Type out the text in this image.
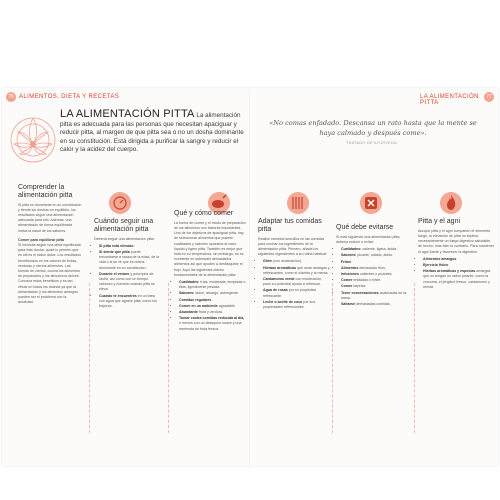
76 ALIMENTOS, DIETA Y RECETAS
LA ALIMENTACIÓN PITTA La alimentación pitta es adecuada para las personas que necesitan apaciguar y reducir pitta, al margen de que pitta sea o no un dosha dominante en su constitución. Está dirigida a purificar la sangre y reducir el calor y la acidez del cuerpo.
Comprender la alimentación pitta
Si pitta es dominante en su constitución y tiende los doshas en equilibrio, los resultados seguir una alimentación adecuada para ello. Además, una alimentación de forma equilibrada indica la salud de los sabores.
Comer para equilibrar pitta
Si necesita seguir una dieta equilibrada para este dosha, quizá lo primero que es útil es el sabor dulce. Los resultados beneficiosos en los colores de frutas, verduras y ciertos alimentos. Las formas de ciertos, cocina los alimentos de preparados y los almuerzos dulces. Conozca estos beneficios y es tan eficaz en todos los doshas ya que la alimentación y los alimentos amargos pueden ser el problema con la ansiedad.
Cuándo seguir una alimentación pitta
Debería seguir una alimentación pitta:
• Si pitta está elevado.
• Si siente que pitta puede encontrarse a causa de la edad, de la vida o si se ve que es dosha dominante en su constitución.
• Durante el verano y principios de otoño, así como con un tiempo caluroso y húmedo cuando pitta se eleva.
• Cuando te encuentres en un área con agua que agrave pitta, como los trópicos.
Qué y cómo comer
La forma de comer y el modo de preparación de los alimentos son factores importantes. Uno de los objetivos de apaciguar pitta, hay de seleccionar alimentos que poseen cualidades y sabores opuestos al calor, líquido y ligero pitta. También es mejor que está en su temperatura, sin embargo, no es excelente en sobresalir demasiados alimentos así que ayuden a desbloquear el flujo. Aquí las siguientes claves fundamentales de la alimentación pitta:
• Cualidades: frías, moderada, templada o tibia, ligeramente pesada.
• Sabores: dulce, amargo, astringente.
• Comidas regulares
• Comer en un ambiente agradable.
• Abundante fruta y verdura.
• Tomar costra comidas reducida al día, o menos con un desayuno suave y una merienda de fruta fresca.
LA ALIMENTACIÓN PITTA
77
«No comas enfadado. Descansa un rato hasta que la mente se haya calmado y después come».
TRATADO DE AYURVEDA
Adaptar tus comidas pitta
Realice cambios sencillos en las comidas para cocinar los ingredientes de la alimentación pitta. Primero, añada los siguientes ingredientes a su rutina habitual:
• Ghee (con moderación).
• Hierbas aromáticas que sean amargas y refrescantes, como el cilantro y la menta.
• Cardamomo verde con moderación, pues su potencial ayuda a refrescar.
• Agua de rosas por su propiedad refrescante.
• Leche o aceite de coco por sus propiedades refrescantes.
Qué debe evitarse
Si está siguiendo una alimentación pitta, debería reducir o evitar:
• Cualidades: caliente, ligera, ácida.
• Sabores: picante, salado, ácido.
• Fritos
• Alimentos demasiado fríos.
• Infusiones calientes o picantes.
• Comer enfadado o triste.
• Comer deprisa.
• Tener conversaciones acaloradas en la mesa.
• Saltarse demasiadas comidas.
Pitta y el agni
Aunque pitta y el agni comparten el elemento fuego, la elevación de pitta no implica necesariamente un fuego digestivo saludable, de hecho, más bien lo contrario. Para mantener el agni fuerte y favorecer la digestión:
• Alimentos amargos
• Ejercicio físico
• Hierbas aromáticas y especias amargas que no tengan un sabor picante, como la cúrcuma, el jengibre fresco, cardamomo y menta.
